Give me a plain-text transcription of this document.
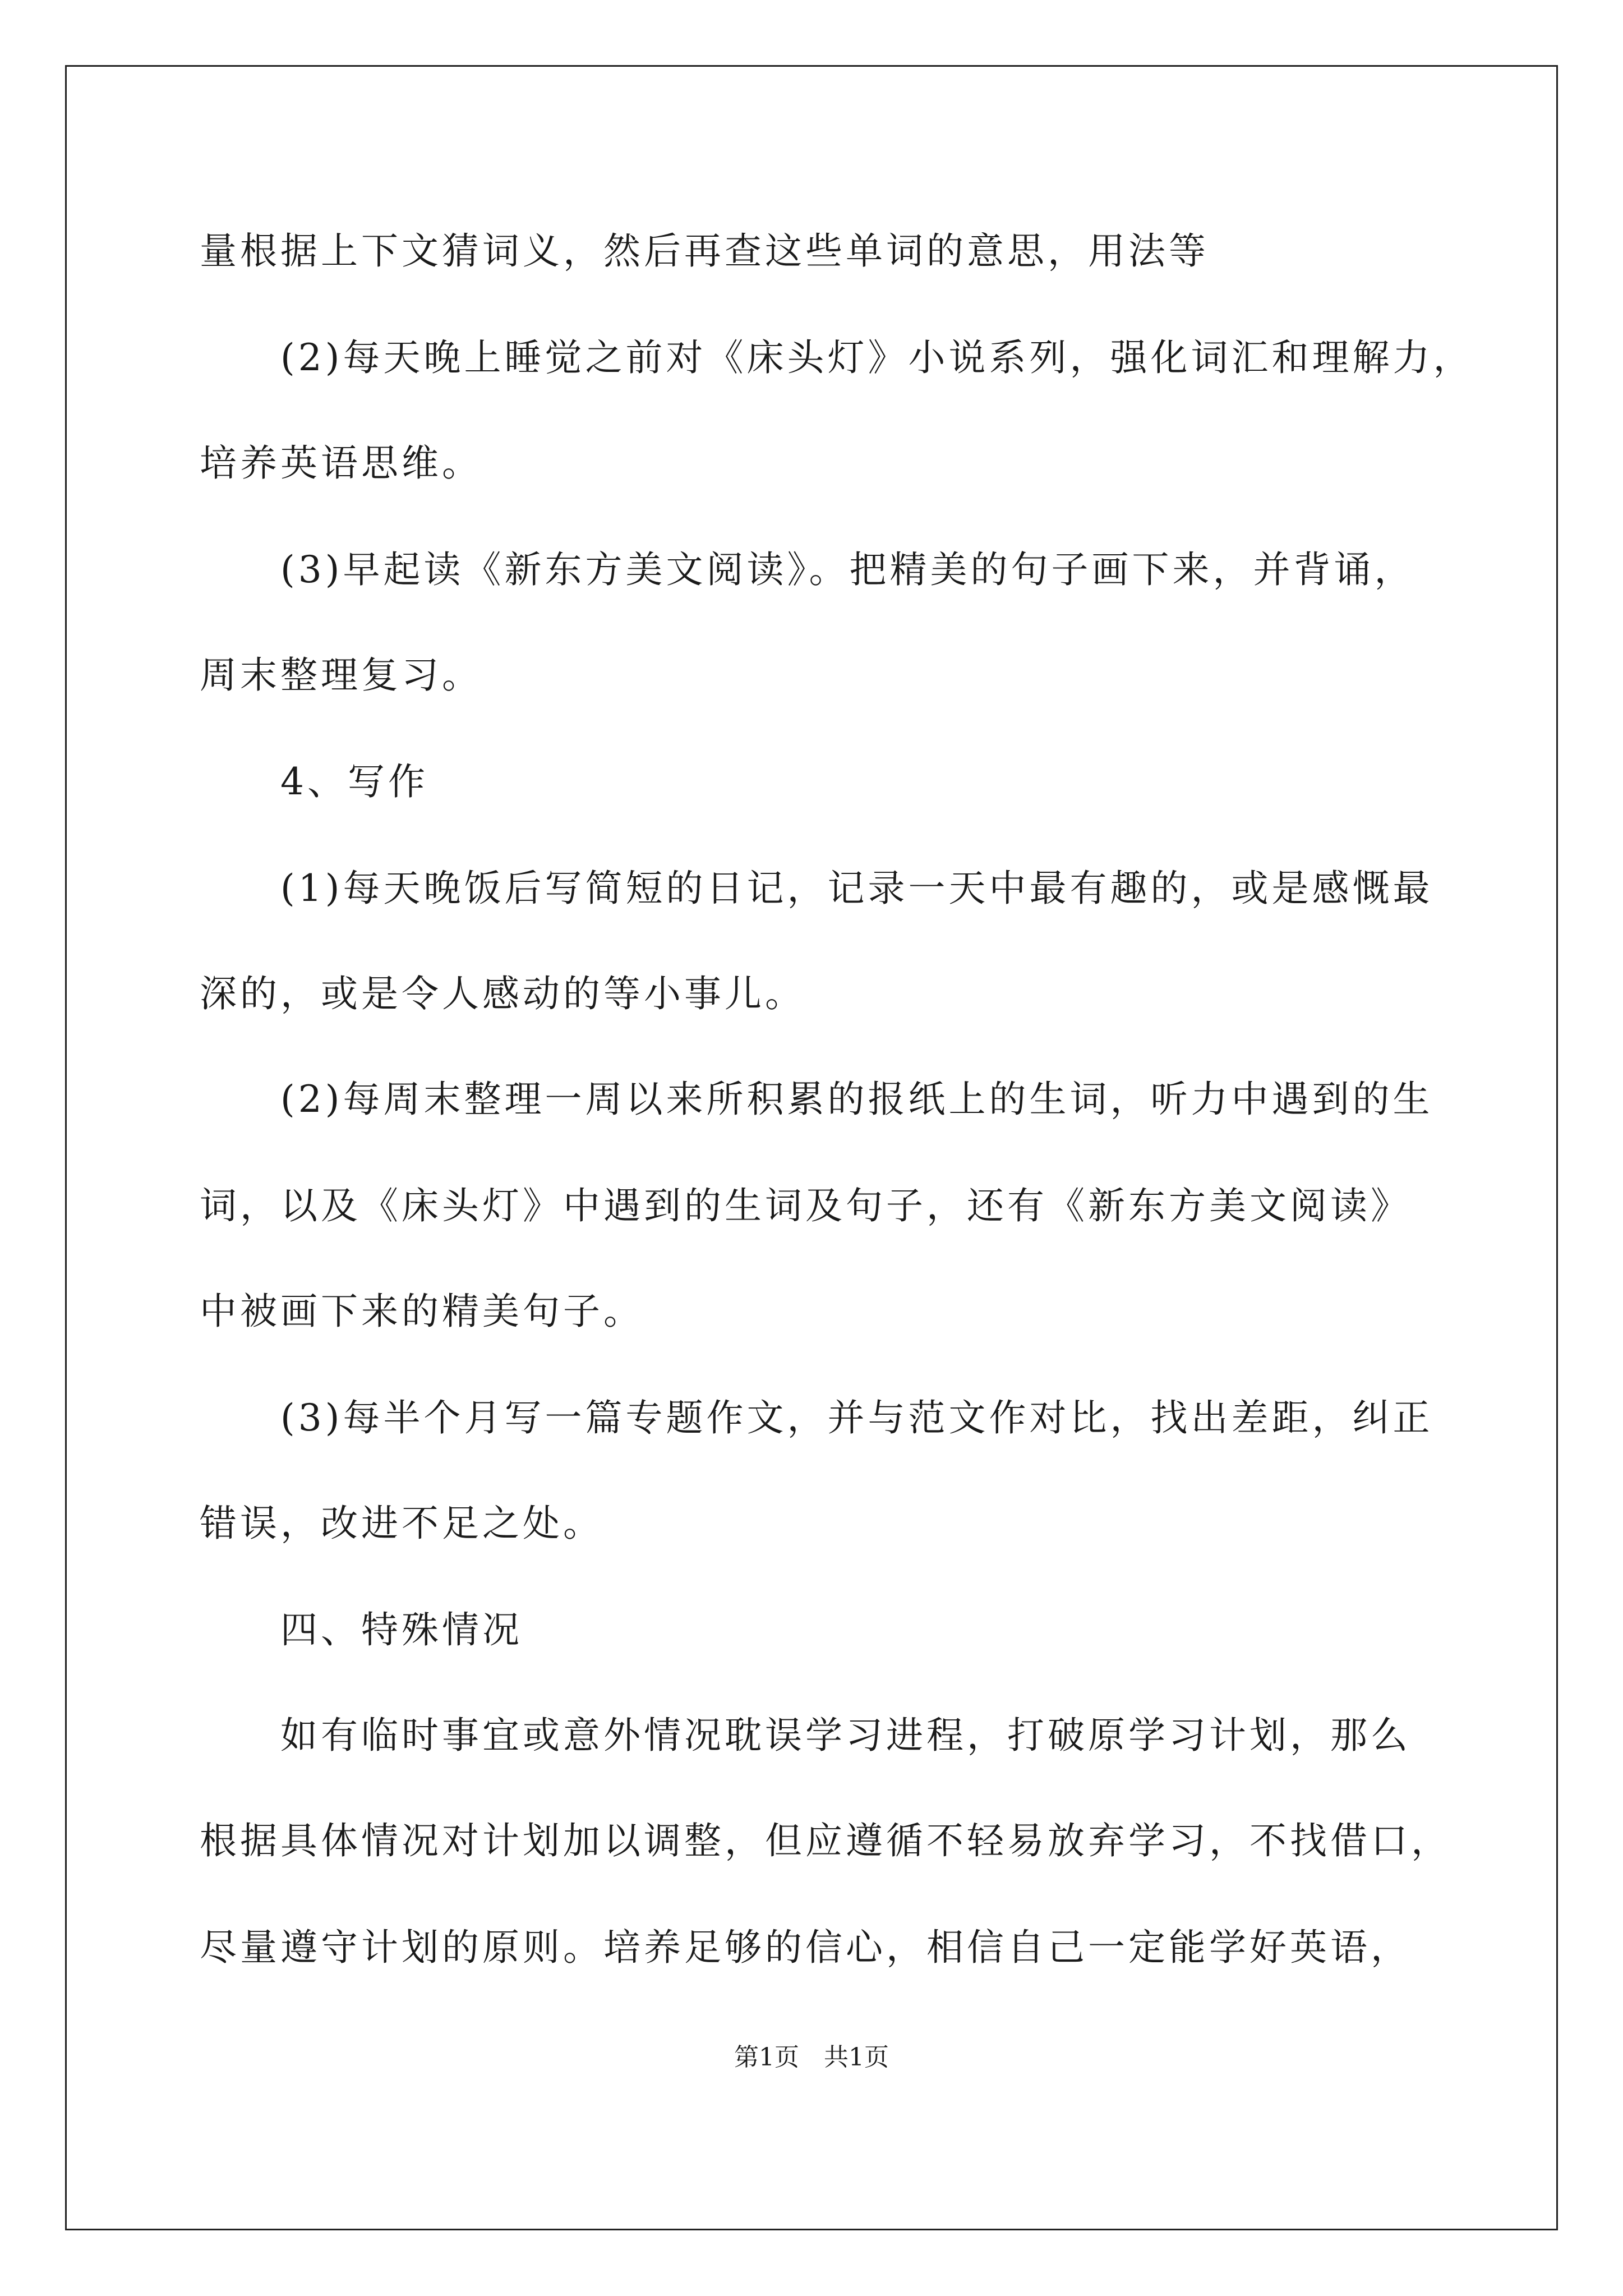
量根据上下文猜词义，然后再查这些单词的意思，用法等
(2)每天晚上睡觉之前对《床头灯》小说系列，强化词汇和理解力，
培养英语思维。
(3)早起读《新东方美文阅读》。把精美的句子画下来，并背诵，
周末整理复习。
4、写作
(1)每天晚饭后写简短的日记，记录一天中最有趣的，或是感慨最
深的，或是令人感动的等小事儿。
(2)每周末整理一周以来所积累的报纸上的生词，听力中遇到的生
词，以及《床头灯》中遇到的生词及句子，还有《新东方美文阅读》
中被画下来的精美句子。
(3)每半个月写一篇专题作文，并与范文作对比，找出差距，纠正
错误，改进不足之处。
四、特殊情况
如有临时事宜或意外情况耽误学习进程，打破原学习计划，那么
根据具体情况对计划加以调整，但应遵循不轻易放弃学习，不找借口，
尽量遵守计划的原则。培养足够的信心，相信自己一定能学好英语，
第1页　共1页
